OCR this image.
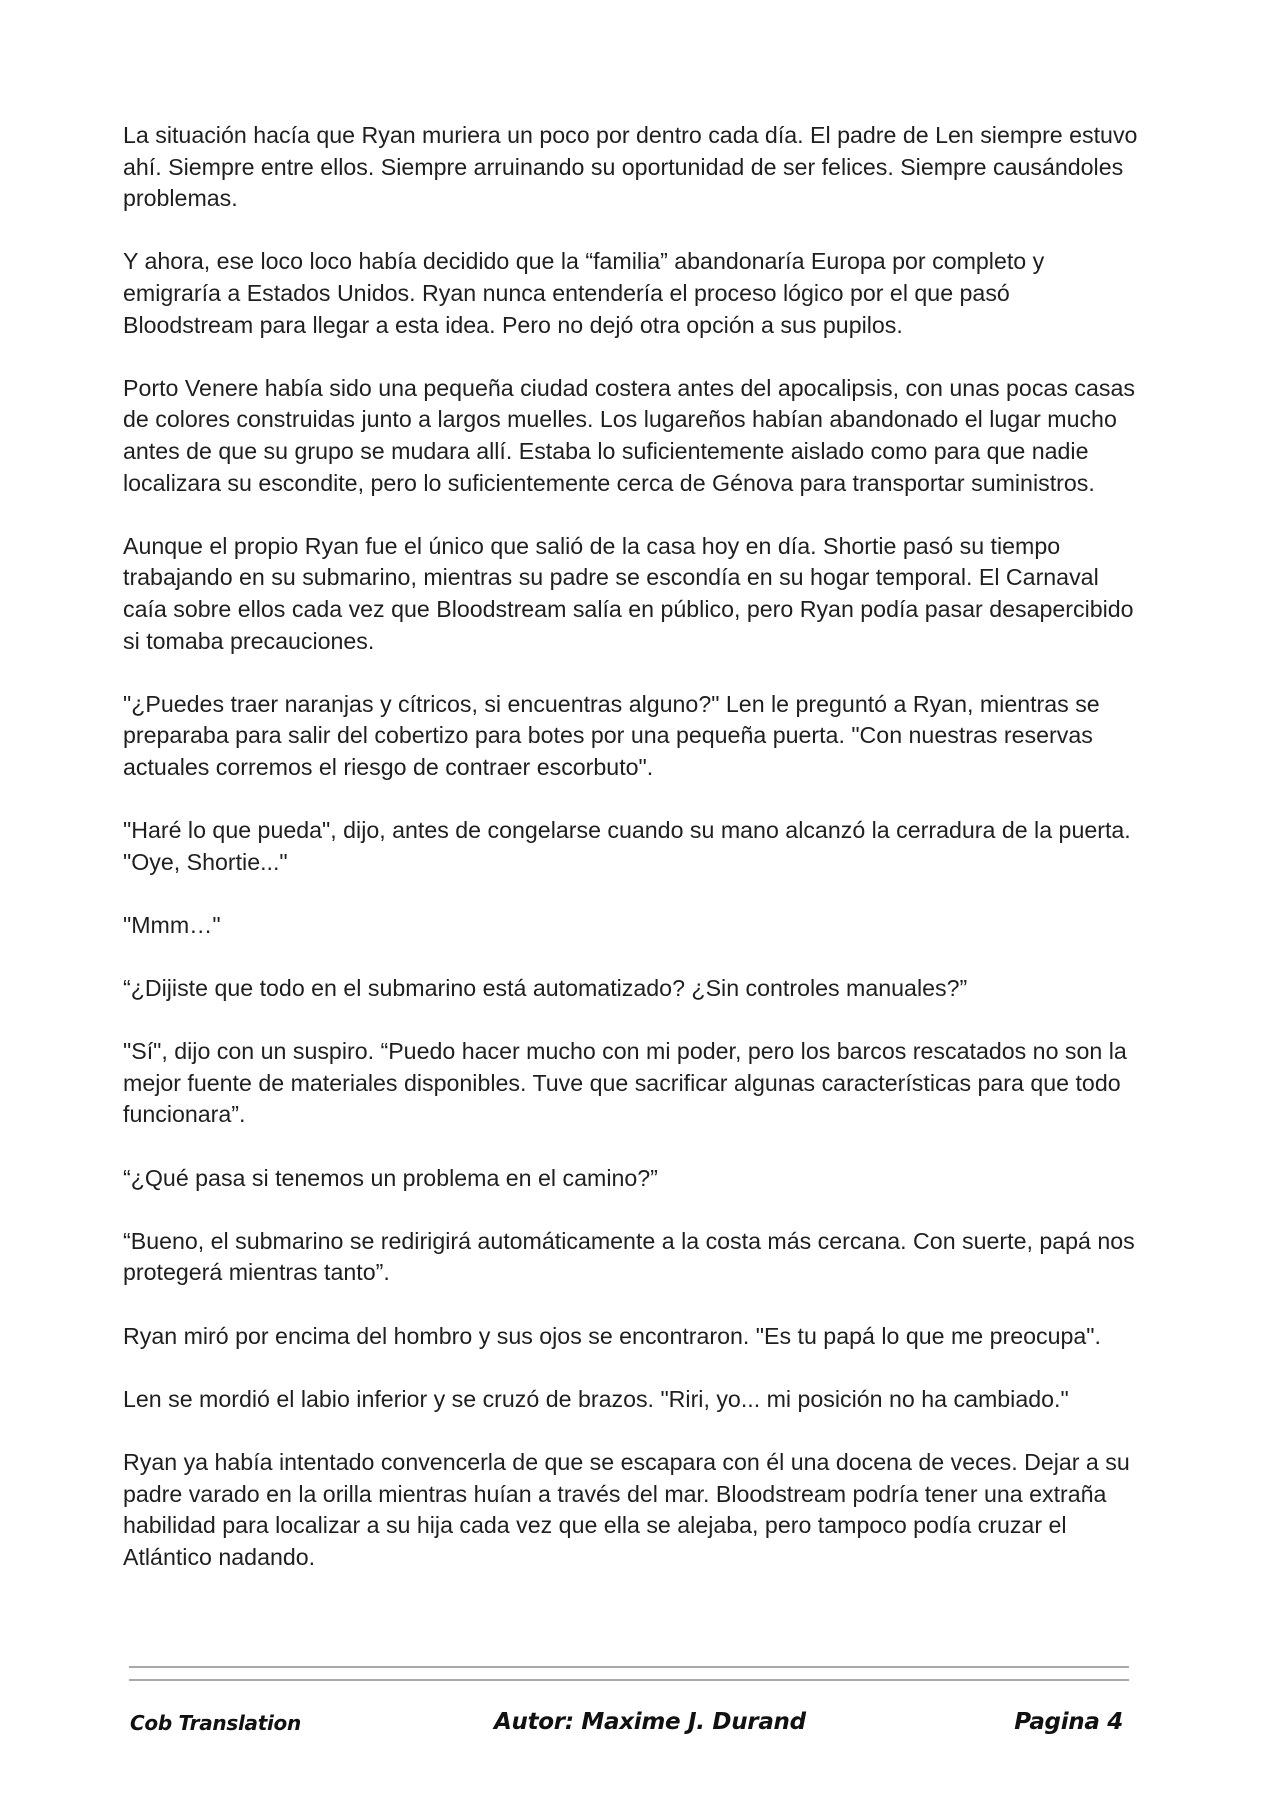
La situación hacía que Ryan muriera un poco por dentro cada día. El padre de Len siempre estuvo ahí. Siempre entre ellos. Siempre arruinando su oportunidad de ser felices. Siempre causándoles problemas.

Y ahora, ese loco loco había decidido que la “familia” abandonaría Europa por completo y emigraría a Estados Unidos. Ryan nunca entendería el proceso lógico por el que pasó Bloodstream para llegar a esta idea. Pero no dejó otra opción a sus pupilos.

Porto Venere había sido una pequeña ciudad costera antes del apocalipsis, con unas pocas casas de colores construidas junto a largos muelles. Los lugareños habían abandonado el lugar mucho antes de que su grupo se mudara allí. Estaba lo suficientemente aislado como para que nadie localizara su escondite, pero lo suficientemente cerca de Génova para transportar suministros.

Aunque el propio Ryan fue el único que salió de la casa hoy en día. Shortie pasó su tiempo trabajando en su submarino, mientras su padre se escondía en su hogar temporal. El Carnaval caía sobre ellos cada vez que Bloodstream salía en público, pero Ryan podía pasar desapercibido si tomaba precauciones.

"¿Puedes traer naranjas y cítricos, si encuentras alguno?" Len le preguntó a Ryan, mientras se preparaba para salir del cobertizo para botes por una pequeña puerta. "Con nuestras reservas actuales corremos el riesgo de contraer escorbuto".

"Haré lo que pueda", dijo, antes de congelarse cuando su mano alcanzó la cerradura de la puerta. "Oye, Shortie..."

"Mmm…"

“¿Dijiste que todo en el submarino está automatizado? ¿Sin controles manuales?”

"Sí", dijo con un suspiro. “Puedo hacer mucho con mi poder, pero los barcos rescatados no son la mejor fuente de materiales disponibles. Tuve que sacrificar algunas características para que todo funcionara”.

“¿Qué pasa si tenemos un problema en el camino?”

“Bueno, el submarino se redirigirá automáticamente a la costa más cercana. Con suerte, papá nos protegerá mientras tanto”.

Ryan miró por encima del hombro y sus ojos se encontraron. "Es tu papá lo que me preocupa".

Len se mordió el labio inferior y se cruzó de brazos. "Riri, yo... mi posición no ha cambiado."

Ryan ya había intentado convencerla de que se escapara con él una docena de veces. Dejar a su padre varado en la orilla mientras huían a través del mar. Bloodstream podría tener una extraña habilidad para localizar a su hija cada vez que ella se alejaba, pero tampoco podía cruzar el Atlántico nadando.

Cob Translation	Autor: Maxime J. Durand	Pagina 4
